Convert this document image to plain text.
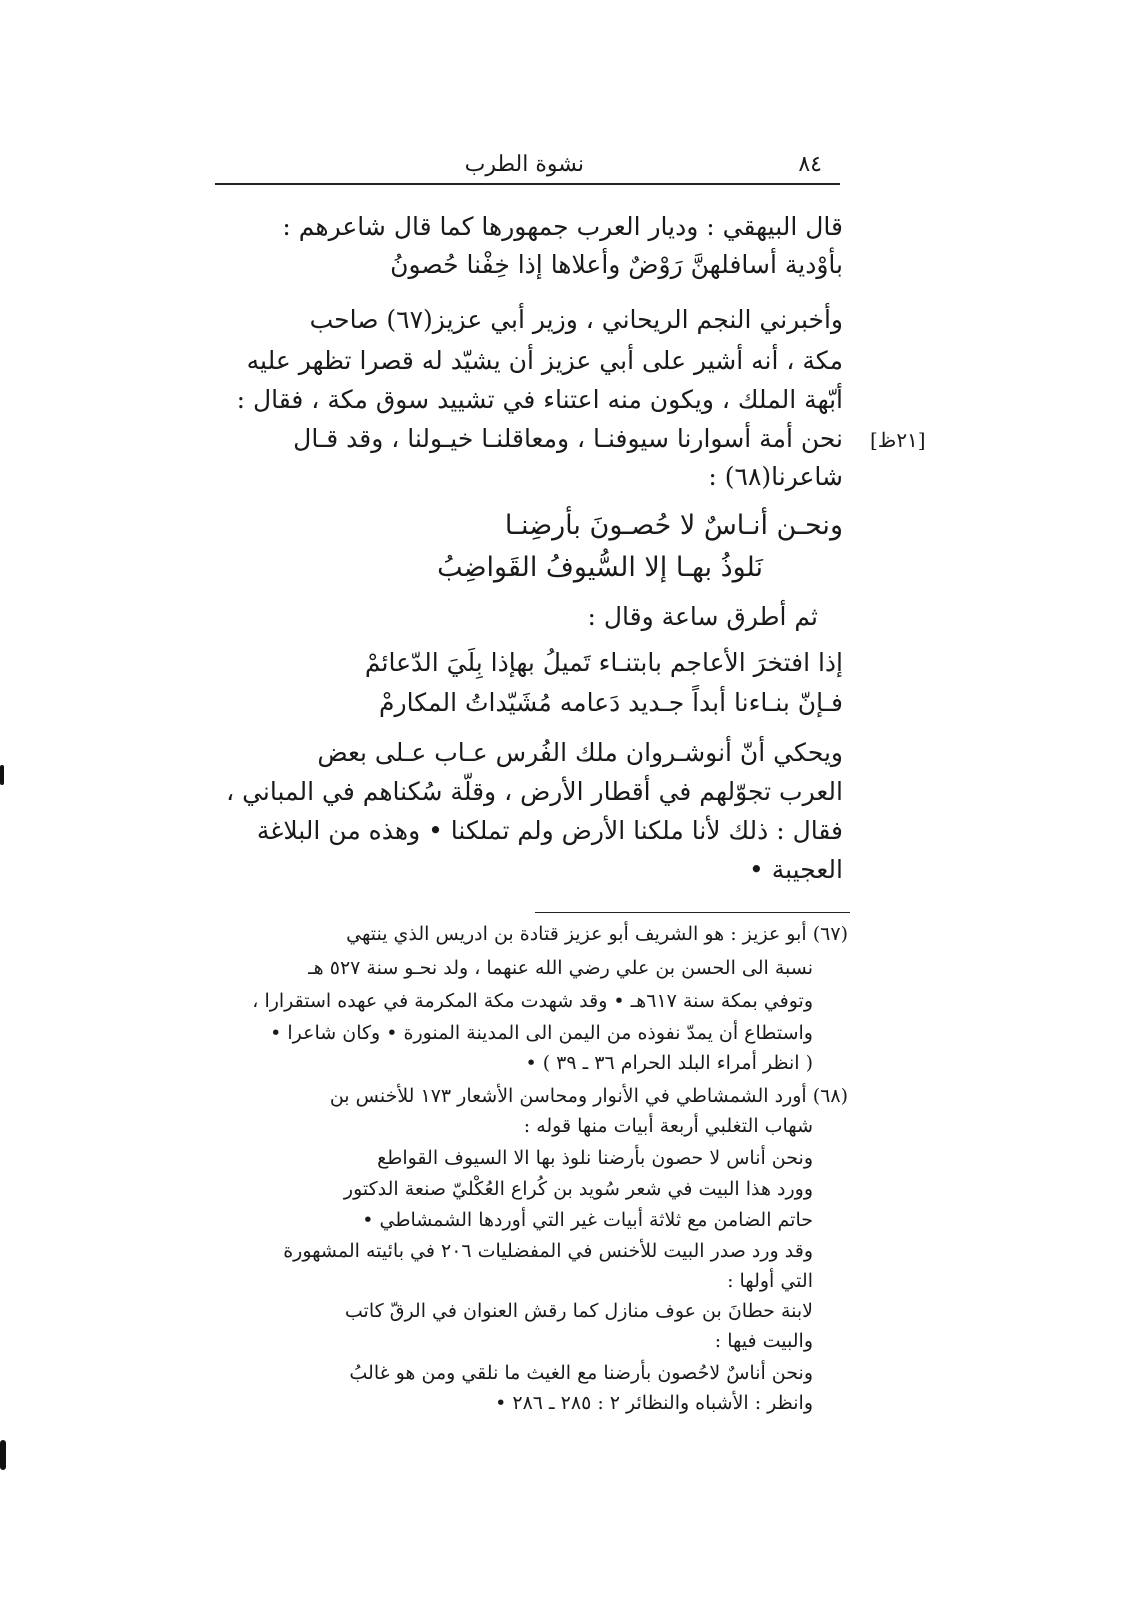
٨٤
نشوة الطرب
[٢١ظ]
قال البيهقي : وديار العرب جمهورها كما قال شاعرهم :
بأوْدية أسافلهنَّ رَوْضٌ وأعلاها إذا خِفْنا حُصونُ
وأخبرني النجم الريحاني ، وزير أبي عزيز(٦٧) صاحب
مكة ، أنه أشير على أبي عزيز أن يشيّد له قصرا تظهر عليه
أبّهة الملك ، ويكون منه اعتناء في تشييد سوق مكة ، فقال :
نحن أمة أسوارنا سيوفنـا ، ومعاقلنـا خيـولنا ، وقد قـال
شاعرنا(٦٨) :
ونحـن أنـاسٌ لا حُصـونَ بأرضِنـا
نَلوذُ بهـا إلا السُّيوفُ القَواضِبُ
ثم أطرق ساعة وقال :
إذا افتخرَ الأعاجم بابتنـاء تَميلُ بهإذا بِلَيَ الدّعائمْ
فـإنّ بنـاءنا أبداً جـديد دَعامه مُشَيّداتُ المكارمْ
ويحكي أنّ أنوشـروان ملك الفُرس عـاب عـلى بعض
العرب تجوّلهم في أقطار الأرض ، وقلّة سُكناهم في المباني ،
فقال : ذلك لأنا ملكنا الأرض ولم تملكنا • وهذه من البلاغة
العجيبة •
(٦٧) أبو عزيز : هو الشريف أبو عزيز قتادة بن ادريس الذي ينتهي
نسبة الى الحسن بن علي رضي الله عنهما ، ولد نحـو سنة ٥٢٧ هـ
وتوفي بمكة سنة ٦١٧هـ • وقد شهدت مكة المكرمة في عهده استقرارا ،
واستطاع أن يمدّ نفوذه من اليمن الى المدينة المنورة • وكان شاعرا •
( انظر أمراء البلد الحرام ٣٦ ـ ٣٩ ) •
(٦٨) أورد الشمشاطي في الأنوار ومحاسن الأشعار ١٧٣ للأخنس بن
شهاب التغلبي أربعة أبيات منها قوله :
ونحن أناس لا حصون بأرضنا نلوذ بها الا السيوف القواطع
وورد هذا البيت في شعر سُويد بن كُراع العُكْليّ صنعة الدكتور
حاتم الضامن مع ثلاثة أبيات غير التي أوردها الشمشاطي •
وقد ورد صدر البيت للأخنس في المفضليات ٢٠٦ في بائيته المشهورة
التي أولها :
لابنة حطانَ بن عوف منازل كما رقش العنوان في الرقّ كاتب
والبيت فيها :
ونحن أناسٌ لاحُصون بأرضنا مع الغيث ما نلقي ومن هو غالبُ
وانظر : الأشباه والنظائر ٢ : ٢٨٥ ـ ٢٨٦ •
